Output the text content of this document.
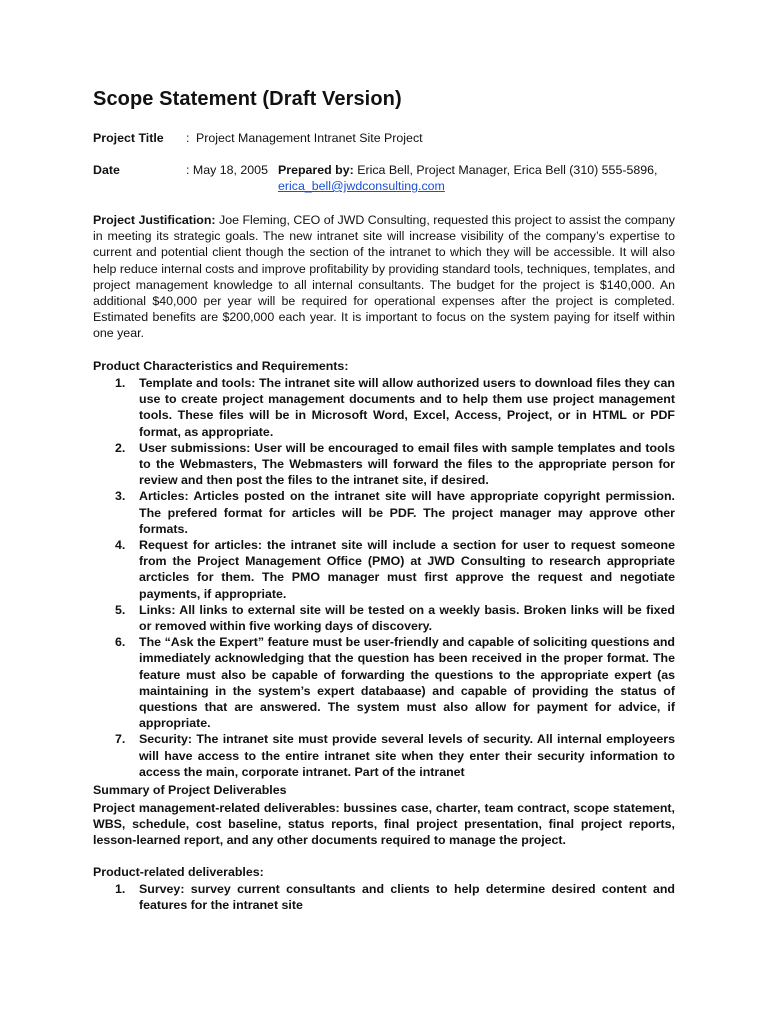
Scope Statement (Draft Version)
Project Title : Project Management Intranet Site Project
Date	: May 18, 2005 Prepared by: Erica Bell, Project Manager, Erica Bell (310) 555-5896,
erica_bell@jwdconsulting.com
Project Justification: Joe Fleming, CEO of JWD Consulting, requested this project to assist the company in meeting its strategic goals. The new intranet site will increase visibility of the company’s expertise to current and potential client though the section of the intranet to which they will be accessible. It will also help reduce internal costs and improve profitability by providing standard tools, techniques, templates, and project management knowledge to all internal consultants. The budget for the project is $140,000. An additional $40,000 per year will be required for operational expenses after the project is completed. Estimated benefits are $200,000 each year. It is important to focus on the system paying for itself within one year.
Product Characteristics and Requirements:
1. Template and tools: The intranet site will allow authorized users to download files they can use to create project management documents and to help them use project management tools. These files will be in Microsoft Word, Excel, Access, Project, or in HTML or PDF format, as appropriate.
2. User submissions: User will be encouraged to email files with sample templates and tools to the Webmasters, The Webmasters will forward the files to the appropriate person for review and then post the files to the intranet site, if desired.
3. Articles: Articles posted on the intranet site will have appropriate copyright permission. The prefered format for articles will be PDF. The project manager may approve other formats.
4. Request for articles: the intranet site will include a section for user to request someone from the Project Management Office (PMO) at JWD Consulting to research appropriate arcticles for them. The PMO manager must first approve the request and negotiate payments, if appropriate.
5. Links: All links to external site will be tested on a weekly basis. Broken links will be fixed or removed within five working days of discovery.
6. The “Ask the Expert” feature must be user-friendly and capable of soliciting questions and immediately acknowledging that the question has been received in the proper format. The feature must also be capable of forwarding the questions to the appropriate expert (as maintaining in the system’s expert databaase) and capable of providing the status of questions that are answered. The system must also allow for payment for advice, if appropriate.
7. Security: The intranet site must provide several levels of security. All internal employeers will have access to the entire intranet site when they enter their security information to access the main, corporate intranet. Part of the intranet
Summary of Project Deliverables
Project management-related deliverables: bussines case, charter, team contract, scope statement, WBS, schedule, cost baseline, status reports, final project presentation, final project reports, lesson-learned report, and any other documents required to manage the project.
Product-related deliverables:
1. Survey: survey current consultants and clients to help determine desired content and features for the intranet site
